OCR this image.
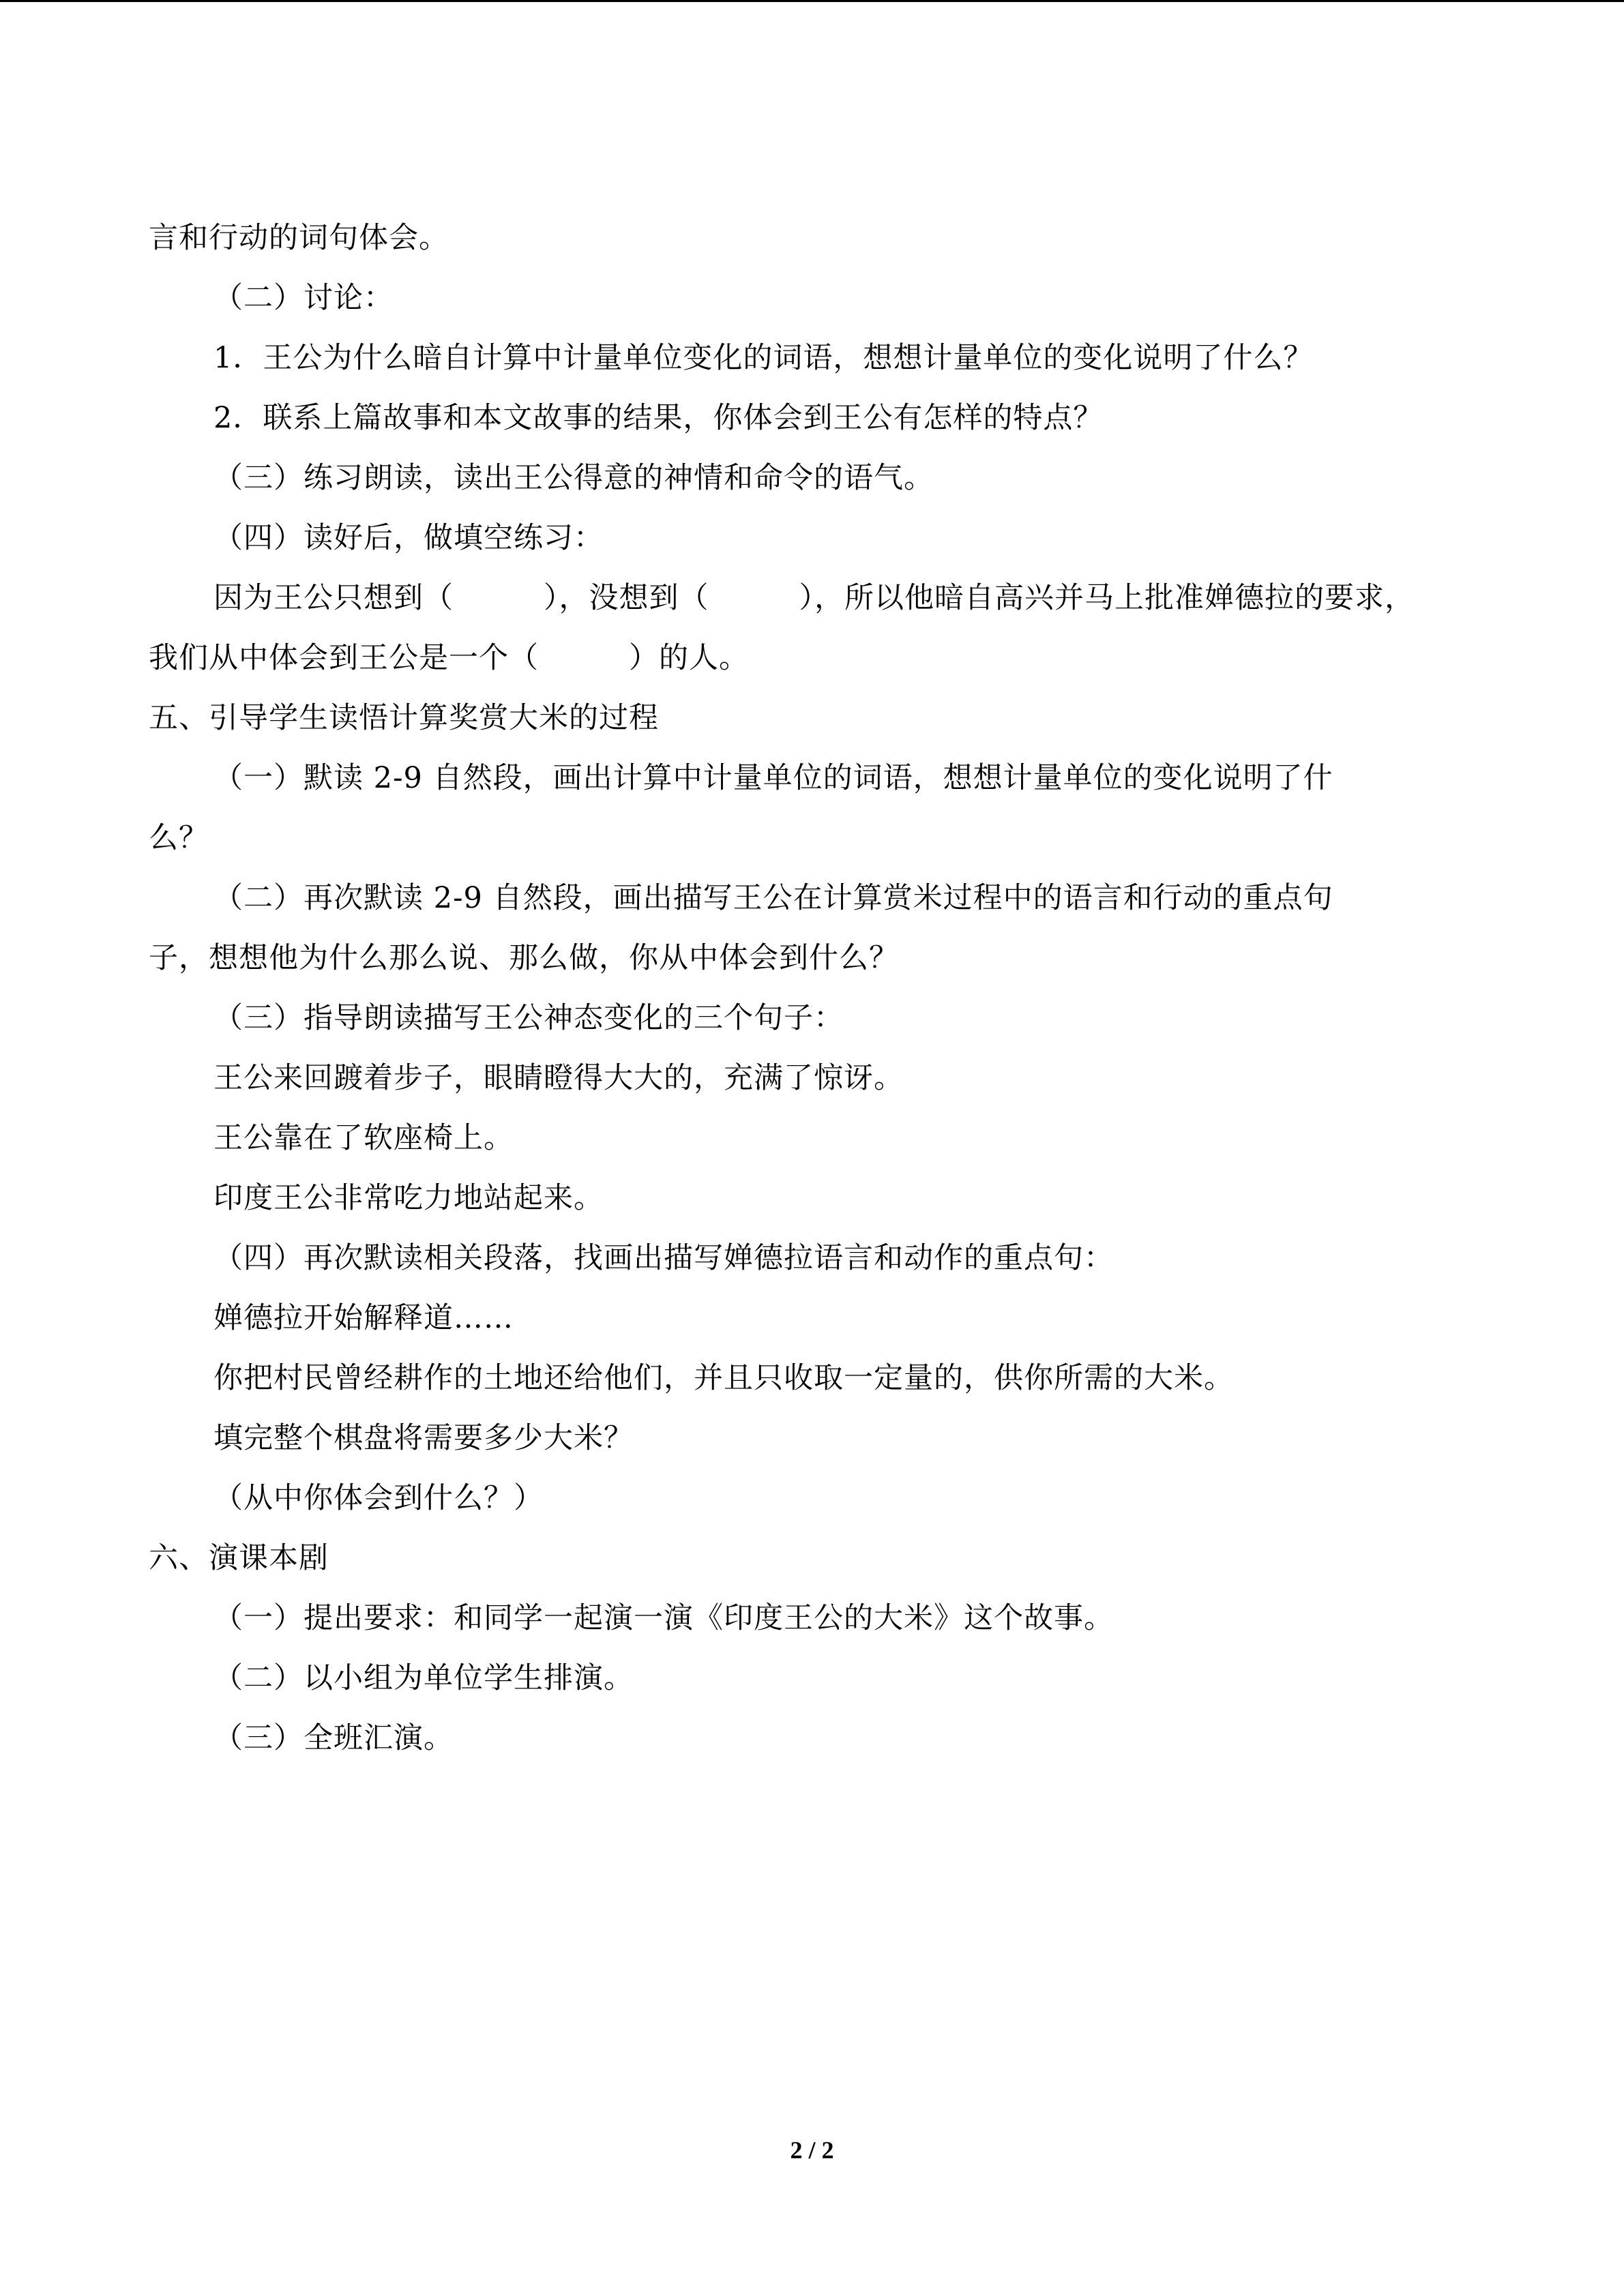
言和行动的词句体会。
（二）讨论：
1．王公为什么暗自计算中计量单位变化的词语，想想计量单位的变化说明了什么？
2．联系上篇故事和本文故事的结果，你体会到王公有怎样的特点？
（三）练习朗读，读出王公得意的神情和命令的语气。
（四）读好后，做填空练习：
因为王公只想到（　　　），没想到（　　　），所以他暗自高兴并马上批准婵德拉的要求，
我们从中体会到王公是一个（　　　）的人。
五、引导学生读悟计算奖赏大米的过程
（一）默读 2-9 自然段，画出计算中计量单位的词语，想想计量单位的变化说明了什
么？
（二）再次默读 2-9 自然段，画出描写王公在计算赏米过程中的语言和行动的重点句
子，想想他为什么那么说、那么做，你从中体会到什么？
（三）指导朗读描写王公神态变化的三个句子：
王公来回踱着步子，眼睛瞪得大大的，充满了惊讶。
王公靠在了软座椅上。
印度王公非常吃力地站起来。
（四）再次默读相关段落，找画出描写婵德拉语言和动作的重点句：
婵德拉开始解释道……
你把村民曾经耕作的土地还给他们，并且只收取一定量的，供你所需的大米。
填完整个棋盘将需要多少大米？
（从中你体会到什么？）
六、演课本剧
（一）提出要求：和同学一起演一演《印度王公的大米》这个故事。
（二）以小组为单位学生排演。
（三）全班汇演。
2 / 2
